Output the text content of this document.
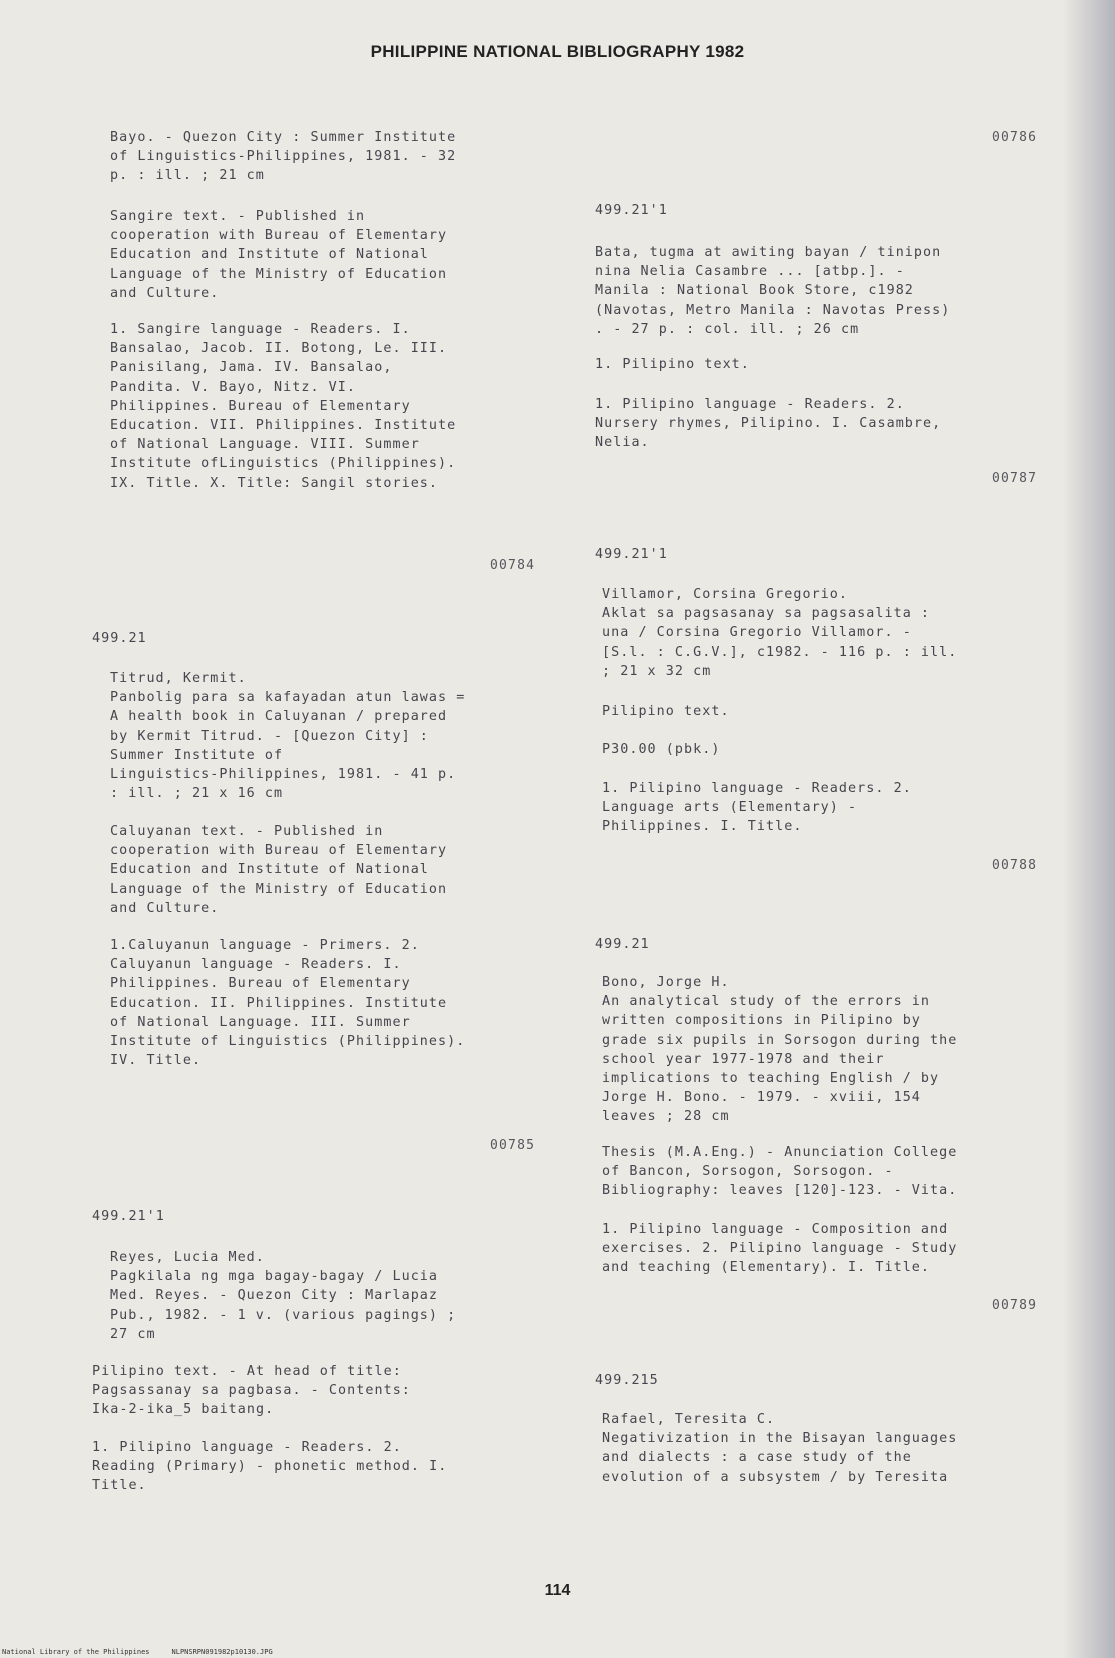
PHILIPPINE NATIONAL BIBLIOGRAPHY 1982
Bayo. - Quezon City : Summer Institute
of Linguistics-Philippines, 1981. - 32
p. : ill. ; 21 cm
Sangire text. - Published in
cooperation with Bureau of Elementary
Education and Institute of National
Language of the Ministry of Education
and Culture.
1. Sangire language - Readers. I.
Bansalao, Jacob. II. Botong, Le. III.
Panisilang, Jama. IV. Bansalao,
Pandita. V. Bayo, Nitz. VI.
Philippines. Bureau of Elementary
Education. VII. Philippines. Institute
of National Language. VIII. Summer
Institute ofLinguistics (Philippines).
IX. Title. X. Title: Sangil stories.
00784
499.21
Titrud, Kermit.
Panbolig para sa kafayadan atun lawas =
A health book in Caluyanan / prepared
by Kermit Titrud. - [Quezon City] :
Summer Institute of
Linguistics-Philippines, 1981. - 41 p.
: ill. ; 21 x 16 cm
Caluyanan text. - Published in
cooperation with Bureau of Elementary
Education and Institute of National
Language of the Ministry of Education
and Culture.
1.Caluyanun language - Primers. 2.
Caluyanun language - Readers. I.
Philippines. Bureau of Elementary
Education. II. Philippines. Institute
of National Language. III. Summer
Institute of Linguistics (Philippines).
IV. Title.
00785
499.21'1
Reyes, Lucia Med.
Pagkilala ng mga bagay-bagay / Lucia
Med. Reyes. - Quezon City : Marlapaz
Pub., 1982. - 1 v. (various pagings) ;
27 cm
Pilipino text. - At head of title:
Pagsassanay sa pagbasa. - Contents:
Ika-2-ika_5 baitang.
1. Pilipino language - Readers. 2.
Reading (Primary) - phonetic method. I.
Title.
00786
499.21'1
Bata, tugma at awiting bayan / tinipon
nina Nelia Casambre ... [atbp.]. -
Manila : National Book Store, c1982
(Navotas, Metro Manila : Navotas Press)
. - 27 p. : col. ill. ; 26 cm
1. Pilipino text.
1. Pilipino language - Readers. 2.
Nursery rhymes, Pilipino. I. Casambre,
Nelia.
00787
499.21'1
Villamor, Corsina Gregorio.
Aklat sa pagsasanay sa pagsasalita :
una / Corsina Gregorio Villamor. -
[S.l. : C.G.V.], c1982. - 116 p. : ill.
; 21 x 32 cm
Pilipino text.
P30.00 (pbk.)
1. Pilipino language - Readers. 2.
Language arts (Elementary) -
Philippines. I. Title.
00788
499.21
Bono, Jorge H.
An analytical study of the errors in
written compositions in Pilipino by
grade six pupils in Sorsogon during the
school year 1977-1978 and their
implications to teaching English / by
Jorge H. Bono. - 1979. - xviii, 154
leaves ; 28 cm
Thesis (M.A.Eng.) - Anunciation College
of Bancon, Sorsogon, Sorsogon. -
Bibliography: leaves [120]-123. - Vita.
1. Pilipino language - Composition and
exercises. 2. Pilipino language - Study
and teaching (Elementary). I. Title.
00789
499.215
Rafael, Teresita C.
Negativization in the Bisayan languages
and dialects : a case study of the
evolution of a subsystem / by Teresita
114
National Library of the Philippines	NLPNSRPN091982p10130.JPG
